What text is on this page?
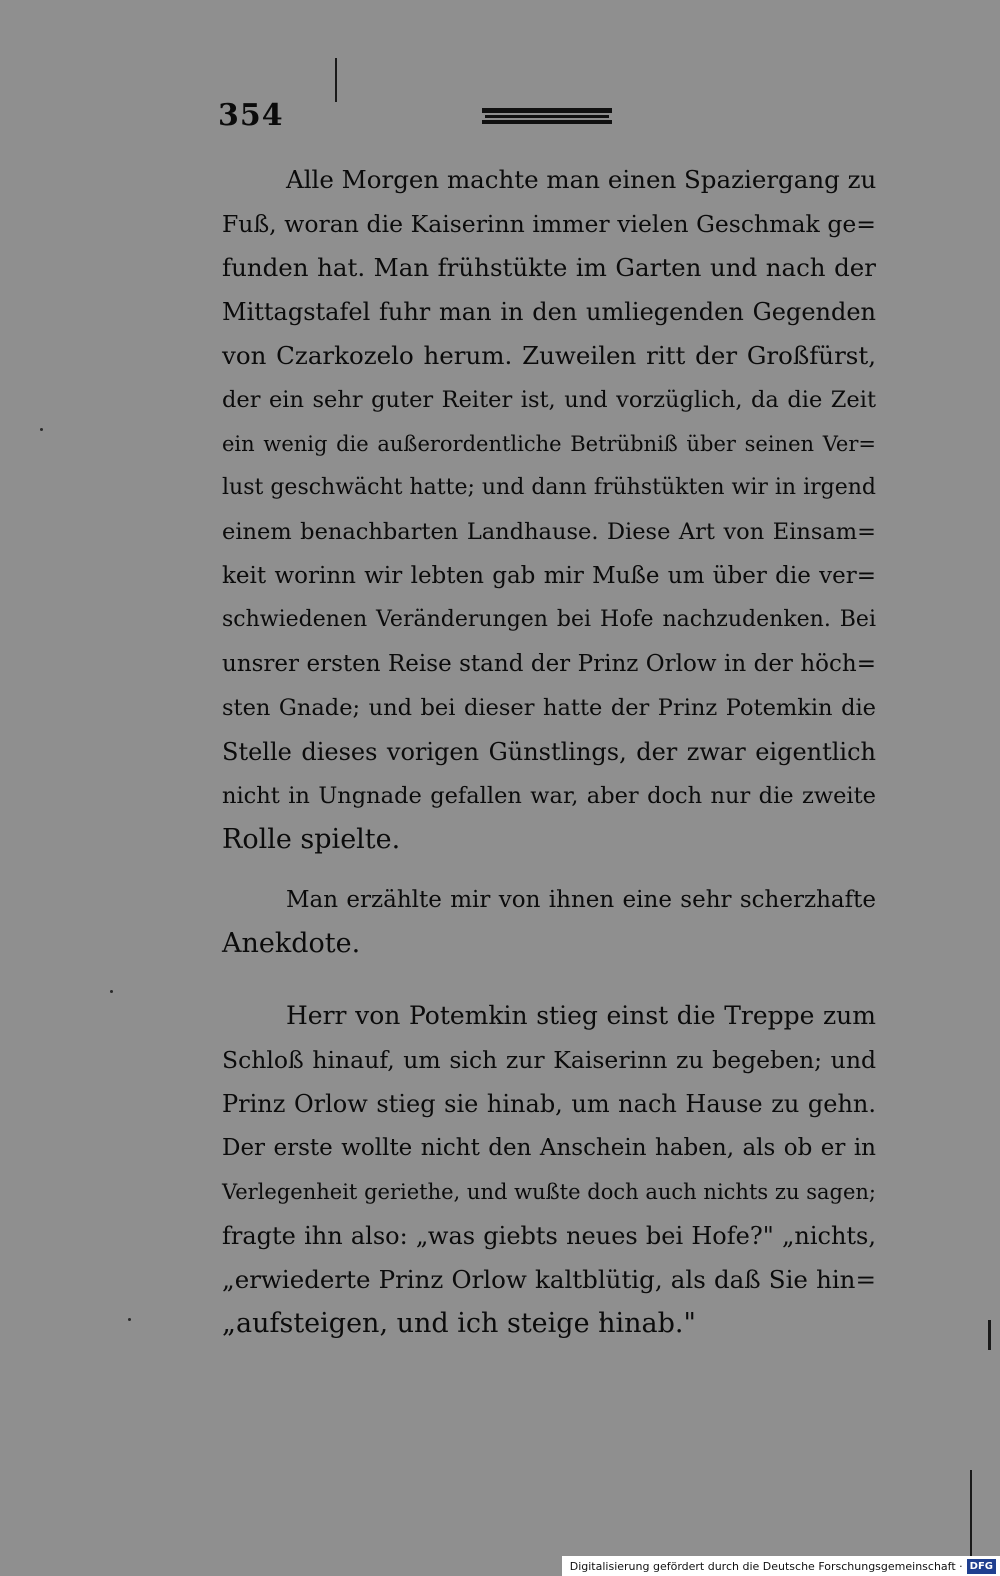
354
Alle Morgen machte man einen Spaziergang zu
Fuß, woran die Kaiserinn immer vielen Geschmak ge=
funden hat. Man frühstükte im Garten und nach der
Mittagstafel fuhr man in den umliegenden Gegenden
von Czarkozelo herum. Zuweilen ritt der Großfürst,
der ein sehr guter Reiter ist, und vorzüglich, da die Zeit
ein wenig die außerordentliche Betrübniß über seinen Ver=
lust geschwächt hatte; und dann frühstükten wir in irgend
einem benachbarten Landhause. Diese Art von Einsam=
keit worinn wir lebten gab mir Muße um über die ver=
schwiedenen Veränderungen bei Hofe nachzudenken. Bei
unsrer ersten Reise stand der Prinz Orlow in der höch=
sten Gnade; und bei dieser hatte der Prinz Potemkin die
Stelle dieses vorigen Günstlings, der zwar eigentlich
nicht in Ungnade gefallen war, aber doch nur die zweite
Rolle spielte.
Man erzählte mir von ihnen eine sehr scherzhafte
Anekdote.
Herr von Potemkin stieg einst die Treppe zum
Schloß hinauf, um sich zur Kaiserinn zu begeben; und
Prinz Orlow stieg sie hinab, um nach Hause zu gehn.
Der erste wollte nicht den Anschein haben, als ob er in
Verlegenheit geriethe, und wußte doch auch nichts zu sagen;
fragte ihn also: „was giebts neues bei Hofe?" „nichts,
„erwiederte Prinz Orlow kaltblütig, als daß Sie hin=
„aufsteigen, und ich steige hinab."
Digitalisierung gefördert durch die Deutsche Forschungsgemeinschaft · DFG
